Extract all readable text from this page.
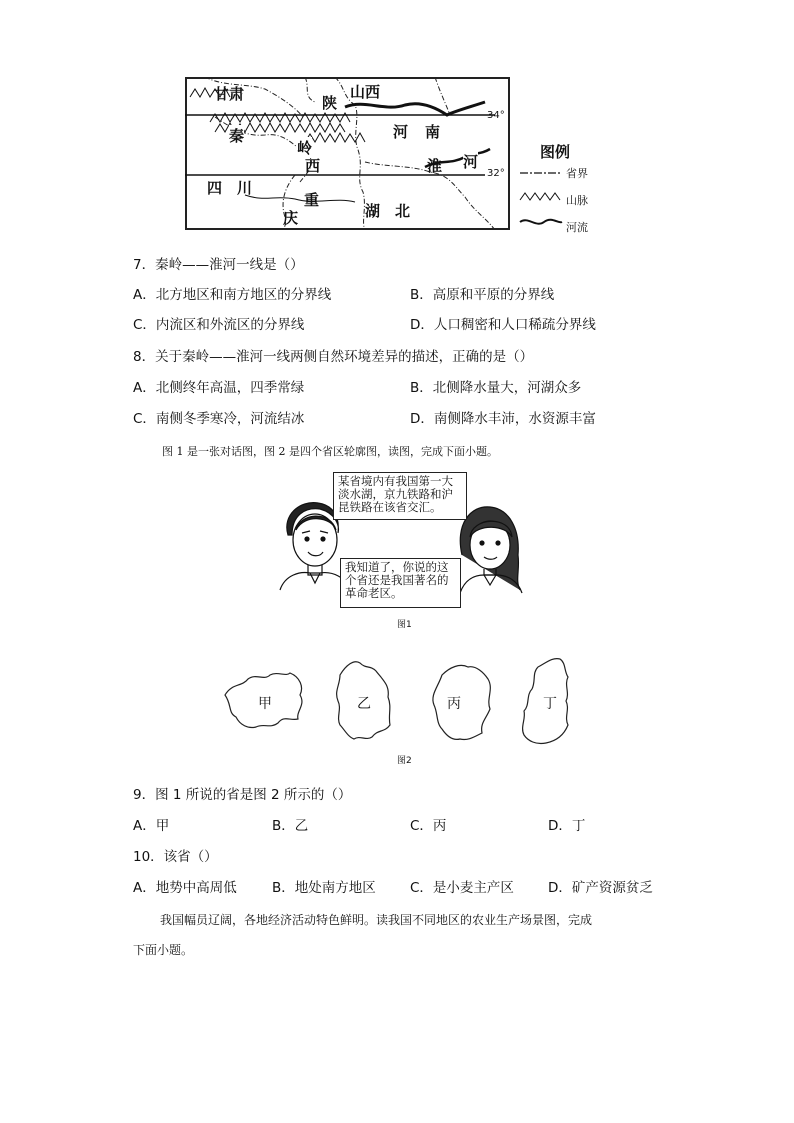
甘肃	陕
山西
河 南
秦
岭
西	淮 河
四　川
重
庆	湖　北
34°
32°
图例
省界
山脉
河流
7．秦岭——淮河一线是（）
A．北方地区和南方地区的分界线	B．高原和平原的分界线
C．内流区和外流区的分界线	D．人口稠密和人口稀疏分界线
8．关于秦岭——淮河一线两侧自然环境差异的描述，正确的是（）
A．北侧终年高温，四季常绿	B．北侧降水量大，河湖众多
C．南侧冬季寒冷，河流结冰	D．南侧降水丰沛，水资源丰富
图 1 是一张对话图，图 2 是四个省区轮廓图，读图，完成下面小题。
某省境内有我国第一大淡水湖，京九铁路和沪昆铁路在该省交汇。
我知道了，你说的这个省还是我国著名的革命老区。
图1
甲	乙	丙	丁
图2
9．图 1 所说的省是图 2 所示的（）
A．甲	B．乙	C．丙	D．丁
10．该省（）
A．地势中高周低	B．地处南方地区	C．是小麦主产区	D．矿产资源贫乏
我国幅员辽阔，各地经济活动特色鲜明。读我国不同地区的农业生产场景图，完成
下面小题。
